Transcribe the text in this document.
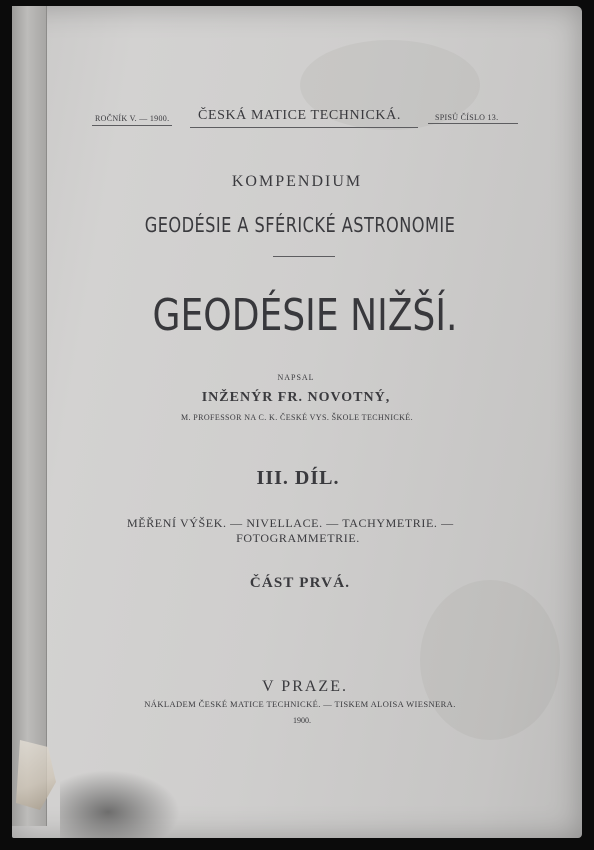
ROČNÍK V. — 1900. ČESKÁ MATICE TECHNICKÁ.	SPISŮ ČÍSLO 13.
KOMPENDIUM
GEODÉSIE A SFÉRICKÉ ASTRONOMIE
GEODÉSIE NIŽŠÍ.
NAPSAL
INŽENÝR FR. NOVOTNÝ,
M. PROFESSOR NA C. K. ČESKÉ VYS. ŠKOLE TECHNICKÉ.
III. DÍL.
MĚŘENÍ VÝŠEK. — NIVELLACE. — TACHYMETRIE. —
FOTOGRAMMETRIE.
ČÁST PRVÁ.
V PRAZE.
NÁKLADEM ČESKÉ MATICE TECHNICKÉ. — TISKEM ALOISA WIESNERA.
1900.
